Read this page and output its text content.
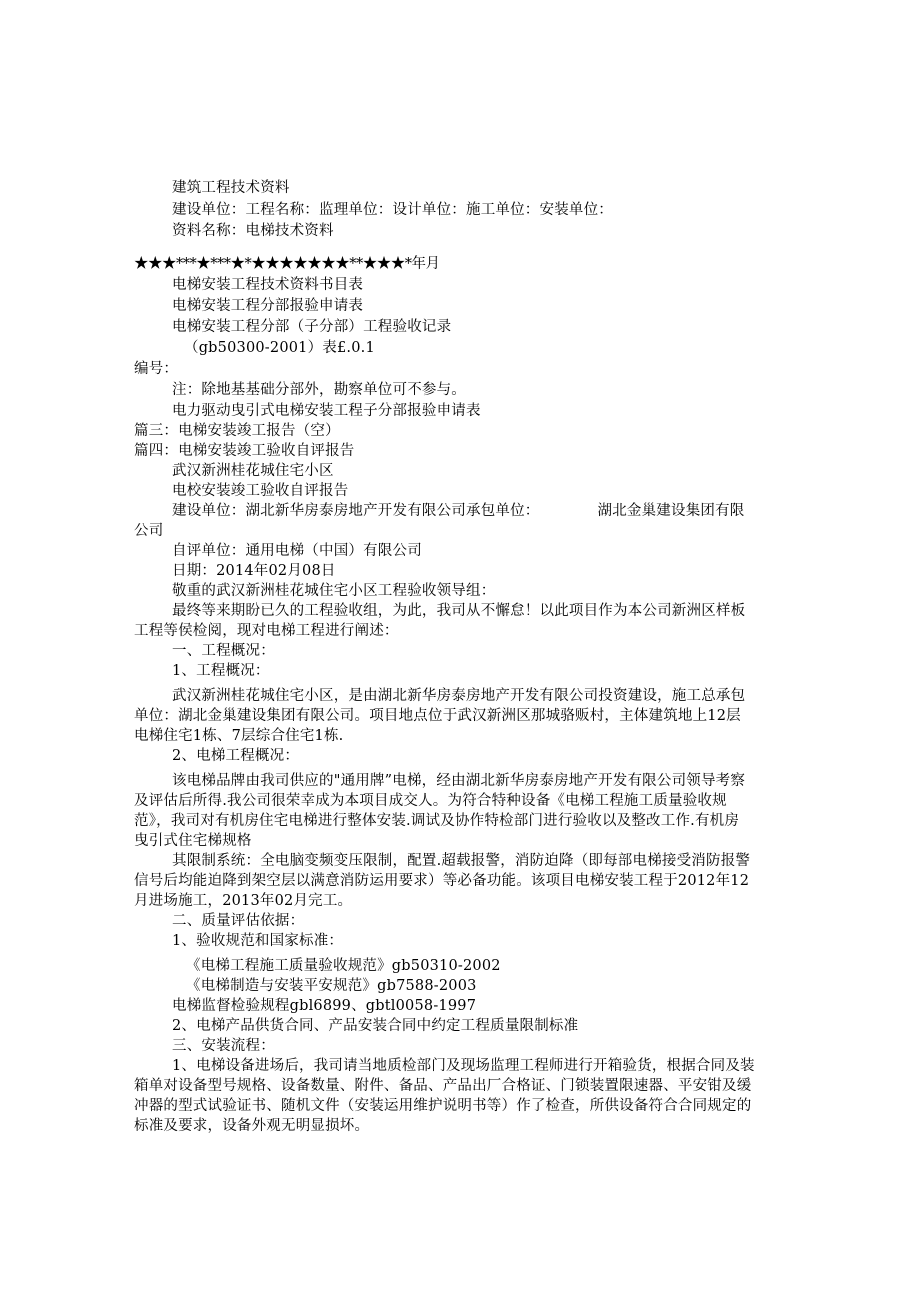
建筑工程技术资料
建设单位：工程名称：监理单位：设计单位：施工单位：安装单位：
资料名称：电梯技术资料
★★★***★***★*★★★★★★★**★★★*年月
电梯安装工程技术资料书目表
电梯安装工程分部报验申请表
电梯安装工程分部（子分部）工程验收记录
（gb50300-2001）表£.0.1
编号：
注：除地基基础分部外，勘察单位可不参与。
电力驱动曳引式电梯安装工程子分部报验申请表
篇三：电梯安装竣工报告（空）
篇四：电梯安装竣工验收自评报告
武汉新洲桂花城住宅小区
电校安装竣工验收自评报告
建设单位：湖北新华房泰房地产开发有限公司承包单位：	湖北金巢建设集团有限
公司
自评单位：通用电梯（中国）有限公司
日期：2014年02月08日
敬重的武汉新洲桂花城住宅小区工程验收领导组：
最终等来期盼已久的工程验收组，为此，我司从不懈怠！以此项目作为本公司新洲区样板
工程等侯检阅，现对电梯工程进行阐述：
一、工程概况：
1、工程概况：
武汉新洲桂花城住宅小区，是由湖北新华房泰房地产开发有限公司投资建设，施工总承包
单位：湖北金巢建设集团有限公司。项目地点位于武汉新洲区那城骆贩村，主体建筑地上12层
电梯住宅1栋、7层综合住宅1栋.
2、电梯工程概况：
该电梯品牌由我司供应的"通用牌”电梯，经由湖北新华房泰房地产开发有限公司领导考察
及评估后所得.我公司很荣幸成为本项目成交人。为符合特种设备《电梯工程施工质量验收规
范》，我司对有机房住宅电梯进行整体安装.调试及协作特检部门进行验收以及整改工作.有机房
曳引式住宅梯规格
其限制系统：全电脑变频变压限制，配置.超载报警，消防迫降（即每部电梯接受消防报警
信号后均能迫降到架空层以满意消防运用要求）等必备功能。该项目电梯安装工程于2012年12
月进场施工，2013年02月完工。
二、质量评估依据：
1、验收规范和国家标准：
《电梯工程施工质量验收规范》gb50310-2002
《电梯制造与安装平安规范》gb7588-2003
电梯监督检验规程gbl6899、gbtl0058-1997
2、电梯产品供货合同、产品安装合同中约定工程质量限制标准
三、安装流程：
1、电梯设备进场后，我司请当地质检部门及现场监理工程师进行开箱验货，根据合同及装
箱单对设备型号规格、设备数量、附件、备品、产品出厂合格证、门锁装置限速器、平安钳及缓
冲器的型式试验证书、随机文件（安装运用维护说明书等）作了检查，所供设备符合合同规定的
标准及要求，设备外观无明显损坏。
